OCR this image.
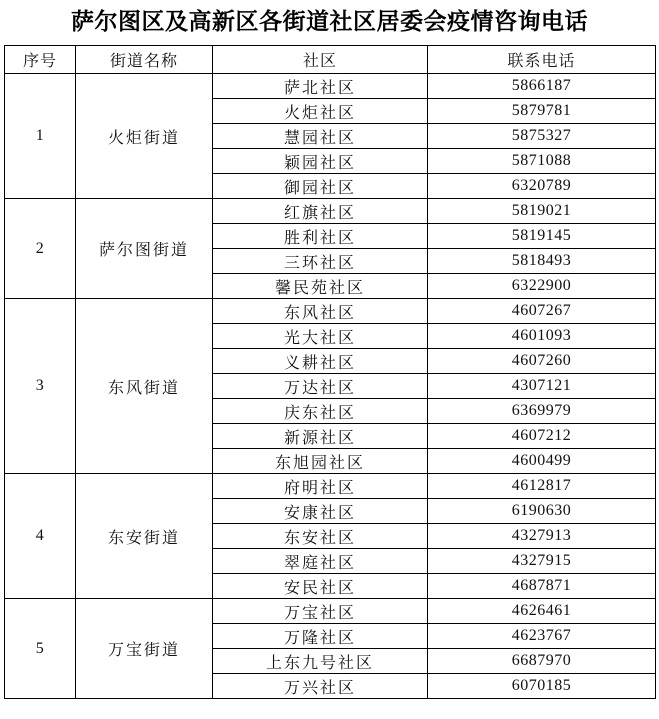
萨尔图区及高新区各街道社区居委会疫情咨询电话
序号	街道名称	社区	联系电话
1	火炬街道	萨北社区	5866187
		火炬社区	5879781
		慧园社区	5875327
		颖园社区	5871088
		御园社区	6320789
2	萨尔图街道	红旗社区	5819021
		胜利社区	5819145
		三环社区	5818493
		馨民苑社区	6322900
3	东风街道	东风社区	4607267
		光大社区	4601093
		义耕社区	4607260
		万达社区	4307121
		庆东社区	6369979
		新源社区	4607212
		东旭园社区	4600499
4	东安街道	府明社区	4612817
		安康社区	6190630
		东安社区	4327913
		翠庭社区	4327915
		安民社区	4687871
5	万宝街道	万宝社区	4626461
		万隆社区	4623767
		上东九号社区	6687970
		万兴社区	6070185
